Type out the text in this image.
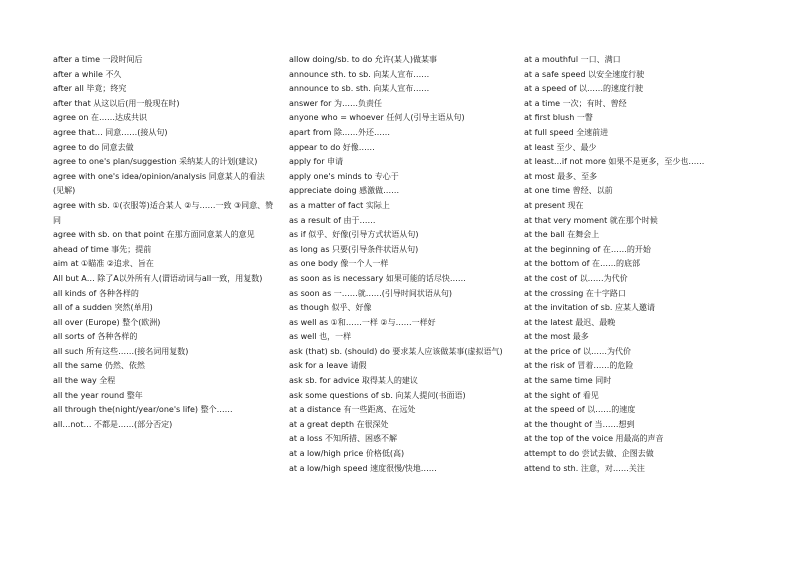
after a time 一段时间后
after a while 不久
after all 毕竟；终究
after that 从这以后(用一般现在时)
agree on 在……达成共识
agree that… 同意……(接从句)
agree to do 同意去做
agree to one's plan/suggestion 采纳某人的计划(建议)
agree with one's idea/opinion/analysis 同意某人的看法(见解)
agree with sb. ①(衣服等)适合某人 ②与……一致 ③同意、赞同
agree with sb. on that point 在那方面同意某人的意见
ahead of time 事先；提前
aim at ①瞄准 ②追求、旨在
All but A… 除了A以外所有人(谓语动词与all一致，用复数)
all kinds of 各种各样的
all of a sudden 突然(单用)
all over (Europe) 整个(欧洲)
all sorts of 各种各样的
all such 所有这些……(接名词用复数)
all the same 仍然、依然
all the way 全程
all the year round 整年
all through the(night/year/one's life) 整个……
all…not… 不都是……(部分否定)
allow doing/sb. to do 允许(某人)做某事
announce sth. to sb. 向某人宣布……
announce to sb. sth. 向某人宣布……
answer for 为……负责任
anyone who = whoever 任何人(引导主语从句)
apart from 除……外还……
appear to do 好像……
apply for 申请
apply one's minds to 专心于
appreciate doing 感激做……
as a matter of fact 实际上
as a result of 由于……
as if 似乎、好像(引导方式状语从句)
as long as 只要(引导条件状语从句)
as one body 像一个人一样
as soon as is necessary 如果可能的话尽快……
as soon as 一……就……(引导时间状语从句)
as though 似乎、好像
as well as ①和……一样 ②与……一样好
as well 也，一样
ask (that) sb. (should) do 要求某人应该做某事(虚拟语气)
ask for a leave 请假
ask sb. for advice 取得某人的建议
ask some questions of sb. 向某人提问(书面语)
at a distance 有一些距离、在远处
at a great depth 在很深处
at a loss 不知所措、困惑不解
at a low/high price 价格低(高)
at a low/high speed 速度很慢/快地……
at a mouthful 一口、满口
at a safe speed 以安全速度行驶
at a speed of 以……的速度行驶
at a time 一次；有时、曾经
at first blush 一瞥
at full speed 全速前进
at least 至少、最少
at least…if not more 如果不是更多，至少也……
at most 最多、至多
at one time 曾经、以前
at present 现在
at that very moment 就在那个时候
at the ball 在舞会上
at the beginning of 在……的开始
at the bottom of 在……的底部
at the cost of 以……为代价
at the crossing 在十字路口
at the invitation of sb. 应某人邀请
at the latest 最迟、最晚
at the most 最多
at the price of 以……为代价
at the risk of 冒着……的危险
at the same time 同时
at the sight of 看见
at the speed of 以……的速度
at the thought of 当……想到
at the top of the voice 用最高的声音
attempt to do 尝试去做、企图去做
attend to sth. 注意，对……关注
